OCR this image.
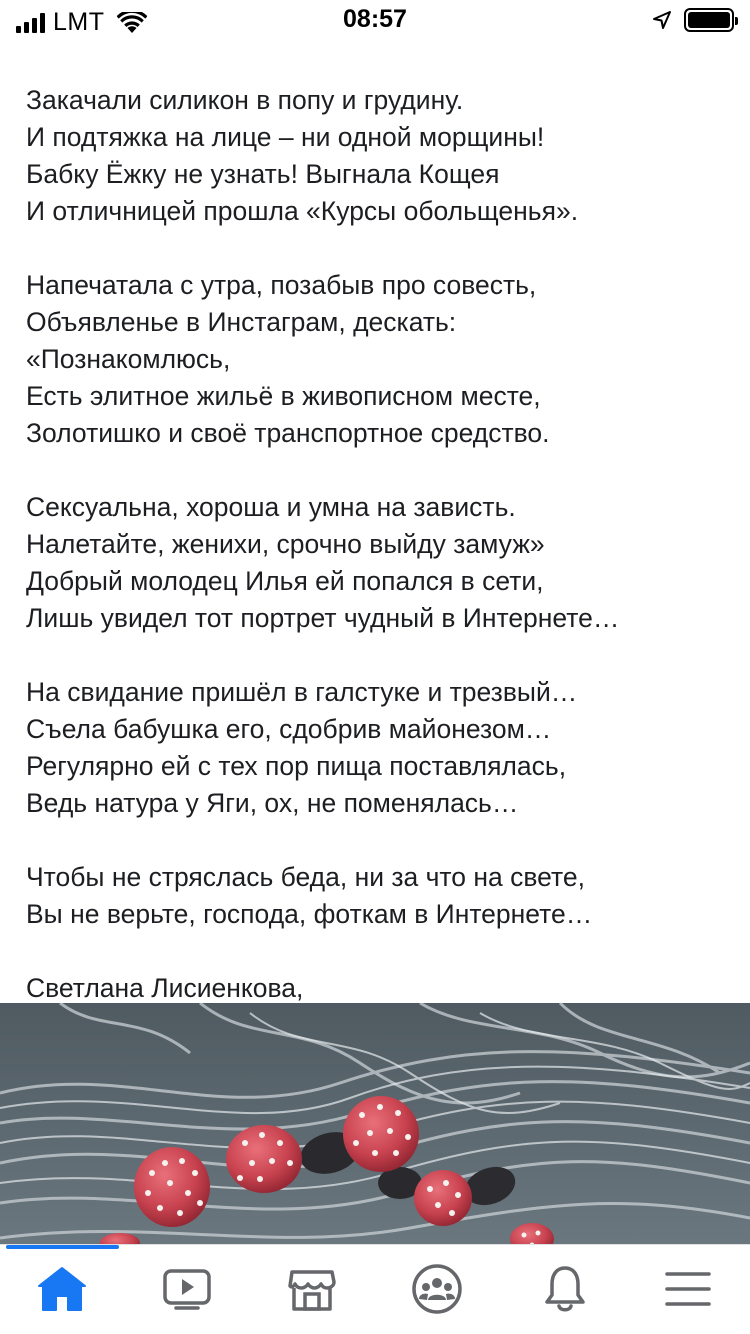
LMT	08:57
Закачали силикон в попу и грудину.
И подтяжка на лице – ни одной морщины!
Бабку Ёжку не узнать! Выгнала Кощея
И отличницей прошла «Курсы обольщенья».
Напечатала с утра, позабыв про совесть,
Объявленье в Инстаграм, дескать:
«Познакомлюсь,
Есть элитное жильё в живописном месте,
Золотишко и своё транспортное средство.
Сексуальна, хороша и умна на зависть.
Налетайте, женихи, срочно выйду замуж»
Добрый молодец Илья ей попался в сети,
Лишь увидел тот портрет чудный в Интернете…
На свидание пришёл в галстуке и трезвый…
Съела бабушка его, сдобрив майонезом…
Регулярно ей с тех пор пища поставлялась,
Ведь натура у Яги, ох, не поменялась…
Чтобы не стряслась беда, ни за что на свете,
Вы не верьте, господа, фоткам в Интернете…
Светлана Лисиенкова,
